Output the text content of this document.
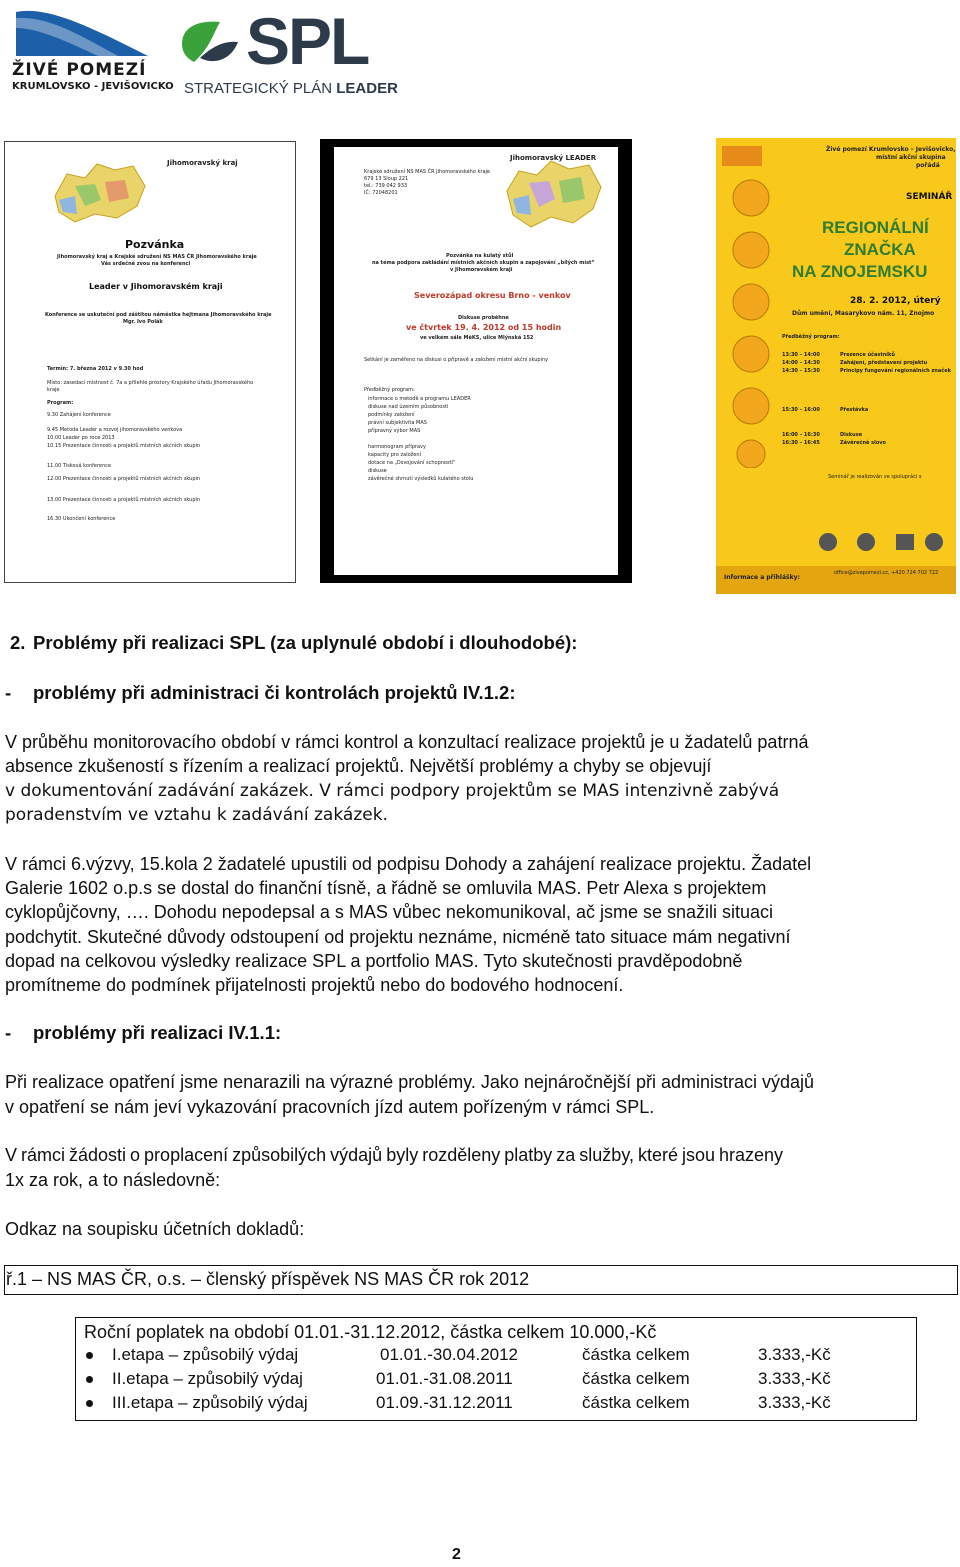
ŽIVÉ POMEZÍ
KRUMLOVSKO - JEVIŠOVICKO
SPL
STRATEGICKÝ PLÁN LEADER
Jihomoravský kraj
Pozvánka
Jihomoravský kraj a Krajské sdružení NS MAS ČR Jihomoravského kraje
Vás srdečně zvou na konferenci
Leader v Jihomoravském kraji
Konference se uskuteční pod záštitou náměstka hejtmana Jihomoravského kraje
Mgr. Ivo Polák
Termín: 7. března 2012 v 9.30 hod
Místo: zasedací místnost č. 7a a přilehlé prostory Krajského úřadu Jihomoravského kraje
Program:
9.30 Zahájení konference
9.45 Metoda Leader a rozvoj jihomoravského venkova
10.00 Leader po roce 2013
10.15 Prezentace činnosti a projektů místních akčních skupin
11.00 Tisková konference
12.00 Prezentace činnosti a projektů místních akčních skupin
13.00 Prezentace činnosti a projektů místních akčních skupin
16.30 Ukončení konference
Jihomoravský LEADER
Krajské sdružení NS MAS ČR Jihomoravského kraje
679 13 Sloup 221
tel.: 739 042 933
IČ: 72048201
Pozvánka na kulatý stůl
na téma podpora zakládání místních akčních skupin a zapojování „bílých míst“
v Jihomoravském kraji
Severozápad okresu Brno - venkov
Diskuse proběhne
ve čtvrtek 19. 4. 2012 od 15 hodin
ve velkém sále MěKS, ulice Mlýnská 152
Setkání je zaměřeno na diskusi o přípravě a založení místní akční skupiny
Předběžný program:
informace o metodě a programu LEADER
diskuse nad územím působnosti
podmínky založení
právní subjektivita MAS
přípravný výbor MAS
harmonogram přípravy
kapacity pro založení
dotace na „Osvojování schopností“
diskuse
závěrečné shrnutí výsledků kulatého stolu
Živé pomezí Krumlovsko – Jevišovicko,
místní akční skupina
pořádá
SEMINÁŘ
REGIONÁLNÍ
ZNAČKA
NA ZNOJEMSKU
28. 2. 2012, úterý
Dům umění, Masarykovo nám. 11, Znojmo
Předběžný program:
13:30 – 14:00	Prezence účastníků
14:00 – 14:30	Zahájení, představení projektu
14:30 – 15:30	Principy fungování regionálních značek
15:30 – 16:00	Přestávka
16:00 – 16:30	Diskuse
16:30 – 16:45	Závěrečné slovo
Seminář je realizován ve spolupráci s
Informace a přihlášky:
office@zivepomezi.cz, +420 724 702 722
2. Problémy při realizaci SPL (za uplynulé období i dlouhodobé):
- problémy při administraci či kontrolách projektů IV.1.2:
V průběhu monitorovacího období v rámci kontrol a konzultací realizace projektů je u žadatelů patrná
absence zkušeností s řízením a realizací projektů. Největší problémy a chyby se objevují
v dokumentování zadávání zakázek. V rámci podpory projektům se MAS intenzivně zabývá
poradenstvím ve vztahu k zadávání zakázek.
V rámci 6.výzvy, 15.kola 2 žadatelé upustili od podpisu Dohody a zahájení realizace projektu. Žadatel
Galerie 1602 o.p.s se dostal do finanční tísně, a řádně se omluvila MAS. Petr Alexa s projektem
cyklopůjčovny, …. Dohodu nepodepsal a s MAS vůbec nekomunikoval, ač jsme se snažili situaci
podchytit. Skutečné důvody odstoupení od projektu neznáme, nicméně tato situace mám negativní
dopad na celkovou výsledky realizace SPL a portfolio MAS. Tyto skutečnosti pravděpodobně
promítneme do podmínek přijatelnosti projektů nebo do bodového hodnocení.
- problémy při realizaci IV.1.1:
Při realizace opatření jsme nenarazili na výrazné problémy. Jako nejnáročnější při administraci výdajů
v opatření se nám jeví vykazování pracovních jízd autem pořízeným v rámci SPL.
V rámci žádosti o proplacení způsobilých výdajů byly rozděleny platby za služby, které jsou hrazeny
1x za rok, a to následovně:
Odkaz na soupisku účetních dokladů:
ř.1 – NS MAS ČR, o.s. – členský příspěvek NS MAS ČR rok 2012
Roční poplatek na období 01.01.-31.12.2012, částka celkem 10.000,-Kč
I.etapa – způsobilý výdaj	01.01.-30.04.2012	částka celkem	3.333,-Kč
II.etapa – způsobilý výdaj	01.01.-31.08.2011	částka celkem	3.333,-Kč
III.etapa – způsobilý výdaj	01.09.-31.12.2011	částka celkem	3.333,-Kč
2
